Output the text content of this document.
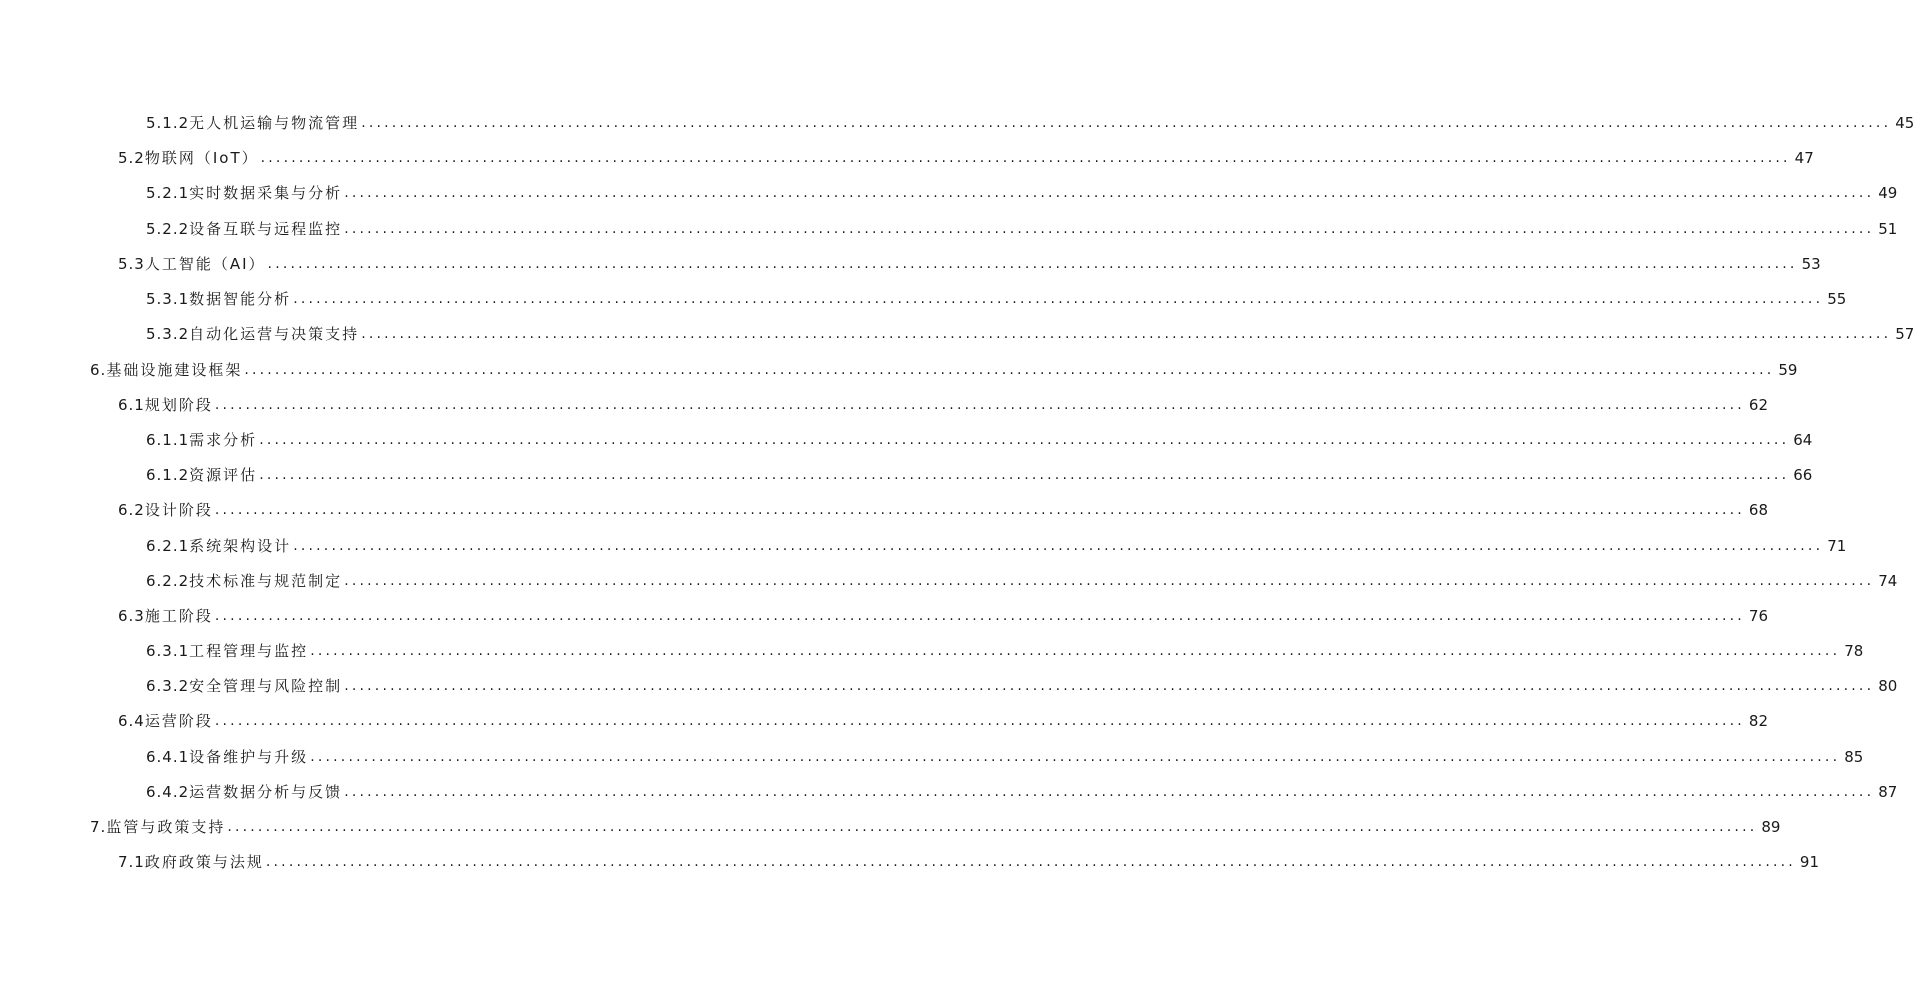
5.1.2 无人机运输与物流管理 ........................................................................................................................................................................................................ 45
5.2 物联网（IoT） ........................................................................................................................................................................................................ 47
5.2.1 实时数据采集与分析 ........................................................................................................................................................................................................ 49
5.2.2 设备互联与远程监控 ........................................................................................................................................................................................................ 51
5.3 人工智能（AI） ........................................................................................................................................................................................................ 53
5.3.1 数据智能分析 ........................................................................................................................................................................................................ 55
5.3.2 自动化运营与决策支持 ........................................................................................................................................................................................................ 57
6. 基础设施建设框架 ........................................................................................................................................................................................................ 59
6.1 规划阶段 ........................................................................................................................................................................................................ 62
6.1.1 需求分析 ........................................................................................................................................................................................................ 64
6.1.2 资源评估 ........................................................................................................................................................................................................ 66
6.2 设计阶段 ........................................................................................................................................................................................................ 68
6.2.1 系统架构设计 ........................................................................................................................................................................................................ 71
6.2.2 技术标准与规范制定 ........................................................................................................................................................................................................ 74
6.3 施工阶段 ........................................................................................................................................................................................................ 76
6.3.1 工程管理与监控 ........................................................................................................................................................................................................ 78
6.3.2 安全管理与风险控制 ........................................................................................................................................................................................................ 80
6.4 运营阶段 ........................................................................................................................................................................................................ 82
6.4.1 设备维护与升级 ........................................................................................................................................................................................................ 85
6.4.2 运营数据分析与反馈 ........................................................................................................................................................................................................ 87
7. 监管与政策支持 ........................................................................................................................................................................................................ 89
7.1 政府政策与法规 ........................................................................................................................................................................................................ 91
